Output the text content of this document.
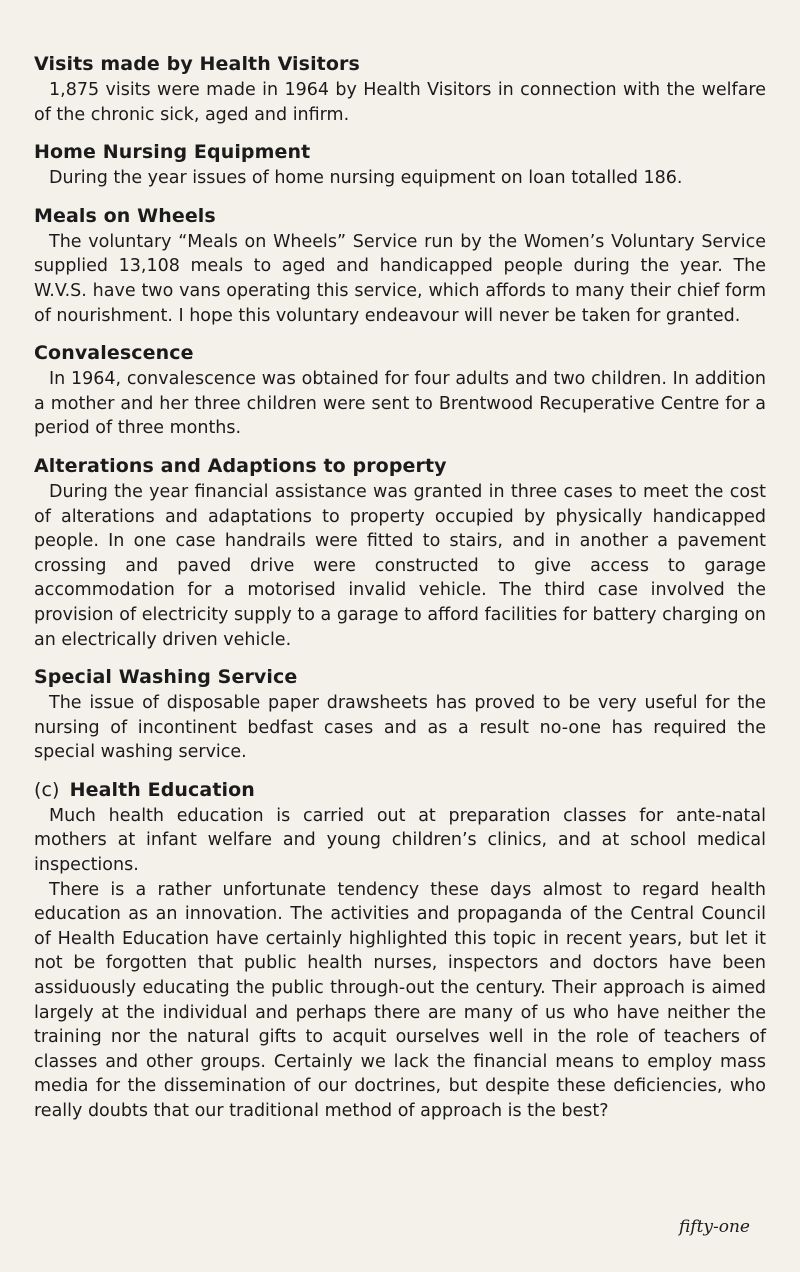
Visits made by Health Visitors

1,875 visits were made in 1964 by Health Visitors in connection with the welfare of the chronic sick, aged and infirm.

Home Nursing Equipment

During the year issues of home nursing equipment on loan totalled 186.

Meals on Wheels

The voluntary “Meals on Wheels” Service run by the Women’s Voluntary Service supplied 13,108 meals to aged and handicapped people during the year. The W.V.S. have two vans operating this service, which affords to many their chief form of nourishment. I hope this voluntary endeavour will never be taken for granted.

Convalescence

In 1964, convalescence was obtained for four adults and two children. In addition a mother and her three children were sent to Brentwood Recuperative Centre for a period of three months.

Alterations and Adaptions to property

During the year financial assistance was granted in three cases to meet the cost of alterations and adaptations to property occupied by physically handicapped people. In one case handrails were fitted to stairs, and in another a pavement crossing and paved drive were constructed to give access to garage accommodation for a motorised invalid vehicle. The third case involved the provision of electricity supply to a garage to afford facilities for battery charging on an electrically driven vehicle.

Special Washing Service

The issue of disposable paper drawsheets has proved to be very useful for the nursing of incontinent bedfast cases and as a result no-one has required the special washing service.

(c) Health Education

Much health education is carried out at preparation classes for ante-natal mothers at infant welfare and young children’s clinics, and at school medical inspections.

There is a rather unfortunate tendency these days almost to regard health education as an innovation. The activities and propaganda of the Central Council of Health Education have certainly highlighted this topic in recent years, but let it not be forgotten that public health nurses, inspectors and doctors have been assiduously educating the public through-out the century. Their approach is aimed largely at the individual and perhaps there are many of us who have neither the training nor the natural gifts to acquit ourselves well in the role of teachers of classes and other groups. Certainly we lack the financial means to employ mass media for the dissemination of our doctrines, but despite these deficiencies, who really doubts that our traditional method of approach is the best?

fifty-one
